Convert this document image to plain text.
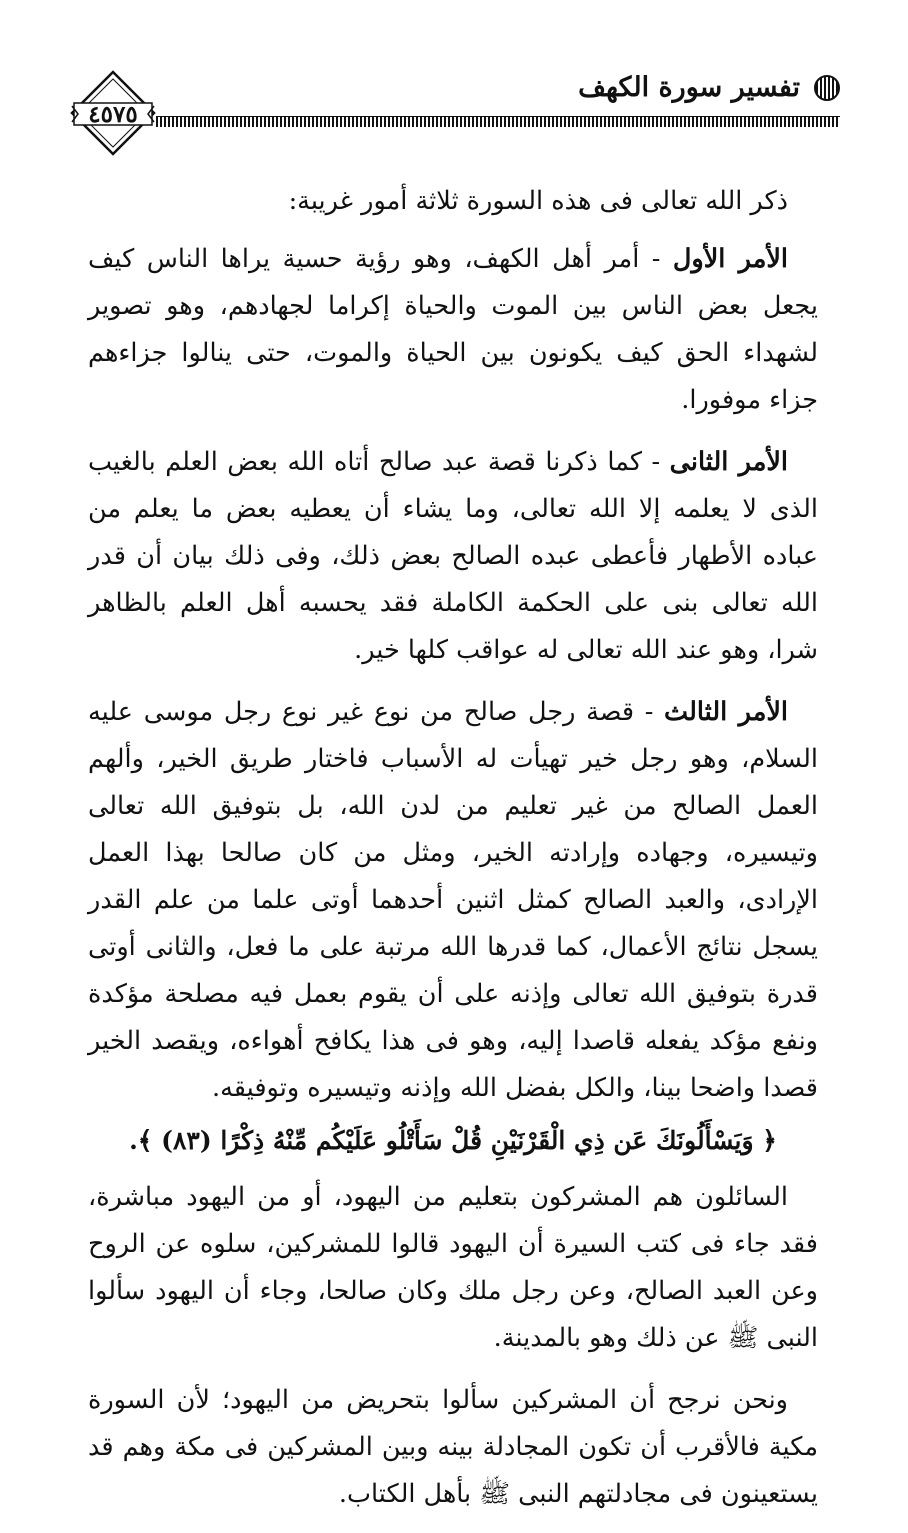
تفسير سورة الكهف
٤٥٧٥

ذكر الله تعالى فى هذه السورة ثلاثة أمور غريبة:

الأمر الأول - أمر أهل الكهف، وهو رؤية حسية يراها الناس كيف يجعل بعض الناس بين الموت والحياة إكراما لجهادهم، وهو تصوير لشهداء الحق كيف يكونون بين الحياة والموت، حتى ينالوا جزاءهم جزاء موفورا.

الأمر الثانى - كما ذكرنا قصة عبد صالح أتاه الله بعض العلم بالغيب الذى لا يعلمه إلا الله تعالى، وما يشاء أن يعطيه بعض ما يعلم من عباده الأطهار فأعطى عبده الصالح بعض ذلك، وفى ذلك بيان أن قدر الله تعالى بنى على الحكمة الكاملة فقد يحسبه أهل العلم بالظاهر شرا، وهو عند الله تعالى له عواقب كلها خير.

الأمر الثالث - قصة رجل صالح من نوع غير نوع رجل موسى عليه السلام، وهو رجل خير تهيأت له الأسباب فاختار طريق الخير، وألهم العمل الصالح من غير تعليم من لدن الله، بل بتوفيق الله تعالى وتيسيره، وجهاده وإرادته الخير، ومثل من كان صالحا بهذا العمل الإرادى، والعبد الصالح كمثل اثنين أحدهما أوتى علما من علم القدر يسجل نتائج الأعمال، كما قدرها الله مرتبة على ما فعل، والثانى أوتى قدرة بتوفيق الله تعالى وإذنه على أن يقوم بعمل فيه مصلحة مؤكدة ونفع مؤكد يفعله قاصدا إليه، وهو فى هذا يكافح أهواءه، ويقصد الخير قصدا واضحا بينا، والكل بفضل الله وإذنه وتيسيره وتوفيقه.

﴿ وَيَسْأَلُونَكَ عَن ذِي الْقَرْنَيْنِ قُلْ سَأَتْلُو عَلَيْكُم مِّنْهُ ذِكْرًا (٨٣) ﴾.

السائلون هم المشركون بتعليم من اليهود، أو من اليهود مباشرة، فقد جاء فى كتب السيرة أن اليهود قالوا للمشركين، سلوه عن الروح وعن العبد الصالح، وعن رجل ملك وكان صالحا، وجاء أن اليهود سألوا النبى ﷺ عن ذلك وهو بالمدينة.

ونحن نرجح أن المشركين سألوا بتحريض من اليهود؛ لأن السورة مكية فالأقرب أن تكون المجادلة بينه وبين المشركين فى مكة وهم قد يستعينون فى مجادلتهم النبى ﷺ بأهل الكتاب.
